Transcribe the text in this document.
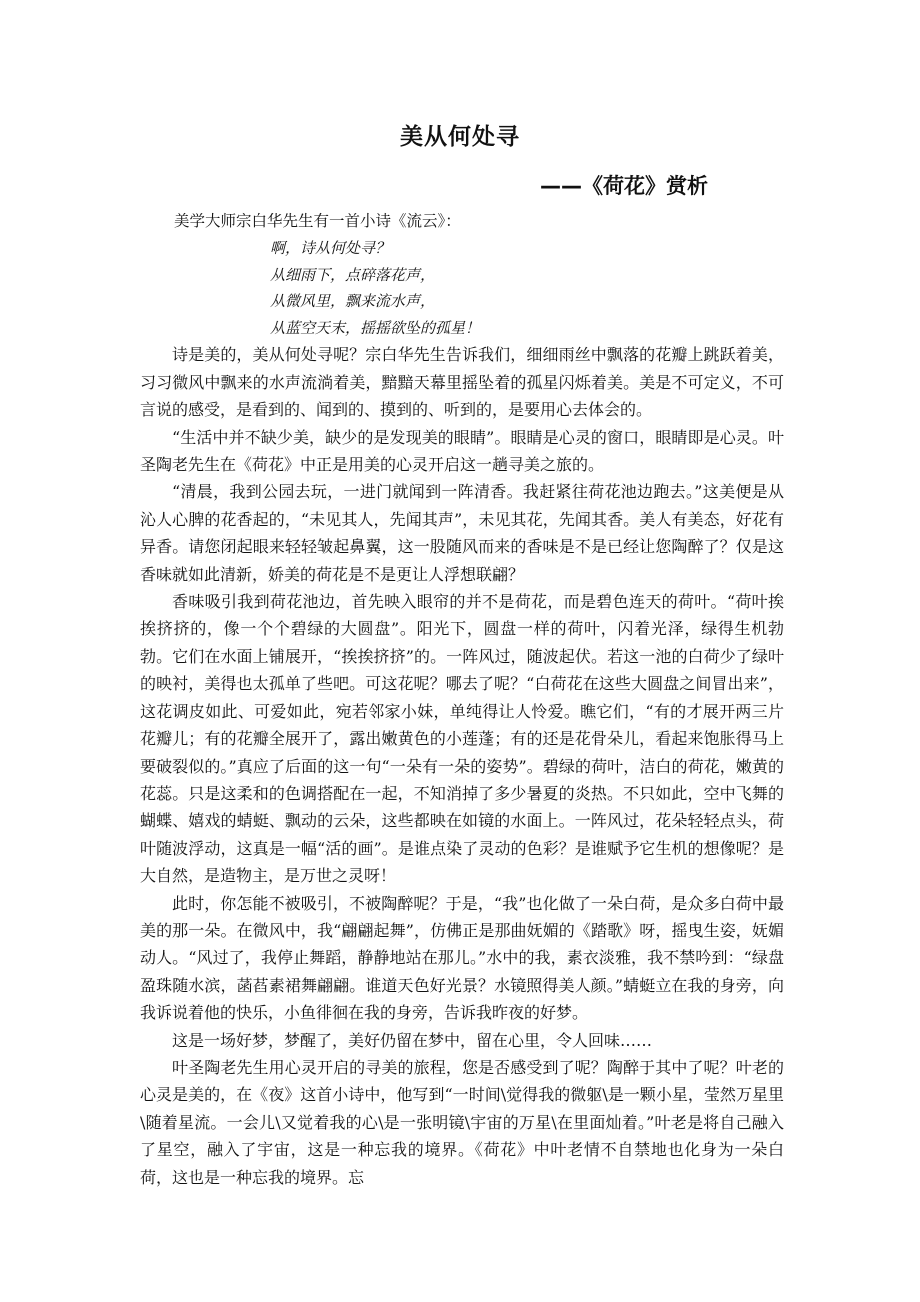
美从何处寻
——《荷花》赏析

美学大师宗白华先生有一首小诗《流云》：

啊，诗从何处寻？
从细雨下，点碎落花声，
从微风里，飘来流水声，
从蓝空天末，摇摇欲坠的孤星！

诗是美的，美从何处寻呢？宗白华先生告诉我们，细细雨丝中飘落的花瓣上跳跃着美，习习微风中飘来的水声流淌着美，黯黯天幕里摇坠着的孤星闪烁着美。美是不可定义，不可言说的感受，是看到的、闻到的、摸到的、听到的，是要用心去体会的。

“生活中并不缺少美，缺少的是发现美的眼睛”。眼睛是心灵的窗口，眼睛即是心灵。叶圣陶老先生在《荷花》中正是用美的心灵开启这一趟寻美之旅的。

“清晨，我到公园去玩，一进门就闻到一阵清香。我赶紧往荷花池边跑去。”这美便是从沁人心脾的花香起的，“未见其人，先闻其声”，未见其花，先闻其香。美人有美态，好花有异香。请您闭起眼来轻轻皱起鼻翼，这一股随风而来的香味是不是已经让您陶醉了？仅是这香味就如此清新，娇美的荷花是不是更让人浮想联翩？

香味吸引我到荷花池边，首先映入眼帘的并不是荷花，而是碧色连天的荷叶。“荷叶挨挨挤挤的，像一个个碧绿的大圆盘”。阳光下，圆盘一样的荷叶，闪着光泽，绿得生机勃勃。它们在水面上铺展开，“挨挨挤挤”的。一阵风过，随波起伏。若这一池的白荷少了绿叶的映衬，美得也太孤单了些吧。可这花呢？哪去了呢？“白荷花在这些大圆盘之间冒出来”，这花调皮如此、可爱如此，宛若邻家小妹，单纯得让人怜爱。瞧它们，“有的才展开两三片花瓣儿；有的花瓣全展开了，露出嫩黄色的小莲蓬；有的还是花骨朵儿，看起来饱胀得马上要破裂似的。”真应了后面的这一句“一朵有一朵的姿势”。碧绿的荷叶，洁白的荷花，嫩黄的花蕊。只是这柔和的色调搭配在一起，不知消掉了多少暑夏的炎热。不只如此，空中飞舞的蝴蝶、嬉戏的蜻蜓、飘动的云朵，这些都映在如镜的水面上。一阵风过，花朵轻轻点头，荷叶随波浮动，这真是一幅“活的画”。是谁点染了灵动的色彩？是谁赋予它生机的想像呢？是大自然，是造物主，是万世之灵呀！

此时，你怎能不被吸引，不被陶醉呢？于是，“我”也化做了一朵白荷，是众多白荷中最美的那一朵。在微风中，我“翩翩起舞”，仿佛正是那曲妩媚的《踏歌》呀，摇曳生姿，妩媚动人。“风过了，我停止舞蹈，静静地站在那儿。”水中的我，素衣淡雅，我不禁吟到：“绿盘盈珠随水滨，菡萏素裙舞翩翩。谁道天色好光景？水镜照得美人颜。”蜻蜓立在我的身旁，向我诉说着他的快乐，小鱼徘徊在我的身旁，告诉我昨夜的好梦。

这是一场好梦，梦醒了，美好仍留在梦中，留在心里，令人回味……

叶圣陶老先生用心灵开启的寻美的旅程，您是否感受到了呢？陶醉于其中了呢？叶老的心灵是美的，在《夜》这首小诗中，他写到“一时间\觉得我的微躯\是一颗小星，莹然万星里\随着星流。一会儿\又觉着我的心\是一张明镜\宇宙的万星\在里面灿着。”叶老是将自己融入了星空，融入了宇宙，这是一种忘我的境界。《荷花》中叶老情不自禁地也化身为一朵白荷，这也是一种忘我的境界。忘
